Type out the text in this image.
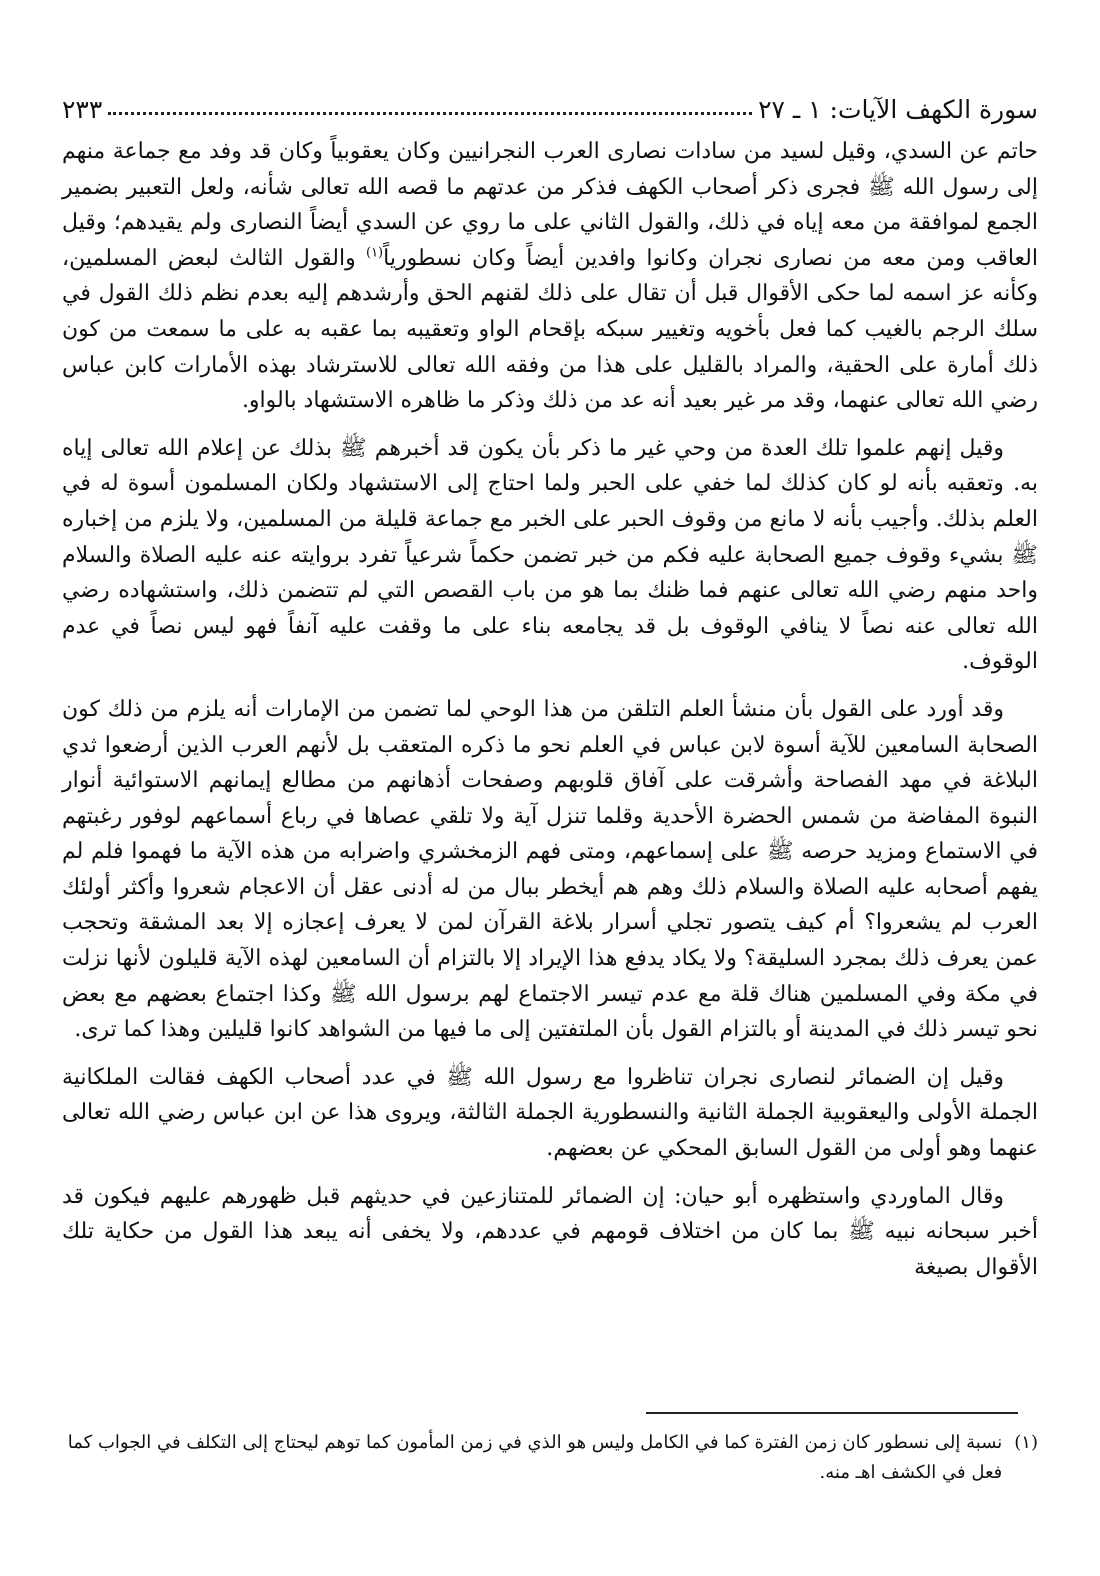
سورة الكهف الآيات: ١ ـ ٢٧
٢٣٣

حاتم عن السدي، وقيل لسيد من سادات نصارى العرب النجرانيين وكان يعقوبياً وكان قد وفد مع جماعة منهم إلى رسول الله ﷺ فجرى ذكر أصحاب الكهف فذكر من عدتهم ما قصه الله تعالى شأنه، ولعل التعبير بضمير الجمع لموافقة من معه إياه في ذلك، والقول الثاني على ما روي عن السدي أيضاً النصارى ولم يقيدهم؛ وقيل العاقب ومن معه من نصارى نجران وكانوا وافدين أيضاً وكان نسطورياً$^{(١)}$ والقول الثالث لبعض المسلمين، وكأنه عز اسمه لما حكى الأقوال قبل أن تقال على ذلك لقنهم الحق وأرشدهم إليه بعدم نظم ذلك القول في سلك الرجم بالغيب كما فعل بأخويه وتغيير سبكه بإقحام الواو وتعقيبه بما عقبه به على ما سمعت من كون ذلك أمارة على الحقية، والمراد بالقليل على هذا من وفقه الله تعالى للاسترشاد بهذه الأمارات كابن عباس رضي الله تعالى عنهما، وقد مر غير بعيد أنه عد من ذلك وذكر ما ظاهره الاستشهاد بالواو.

وقيل إنهم علموا تلك العدة من وحي غير ما ذكر بأن يكون قد أخبرهم ﷺ بذلك عن إعلام الله تعالى إياه به. وتعقبه بأنه لو كان كذلك لما خفي على الحبر ولما احتاج إلى الاستشهاد ولكان المسلمون أسوة له في العلم بذلك. وأجيب بأنه لا مانع من وقوف الحبر على الخبر مع جماعة قليلة من المسلمين، ولا يلزم من إخباره ﷺ بشيء وقوف جميع الصحابة عليه فكم من خبر تضمن حكماً شرعياً تفرد بروايته عنه عليه الصلاة والسلام واحد منهم رضي الله تعالى عنهم فما ظنك بما هو من باب القصص التي لم تتضمن ذلك، واستشهاده رضي الله تعالى عنه نصاً لا ينافي الوقوف بل قد يجامعه بناء على ما وقفت عليه آنفاً فهو ليس نصاً في عدم الوقوف.

وقد أورد على القول بأن منشأ العلم التلقن من هذا الوحي لما تضمن من الإمارات أنه يلزم من ذلك كون الصحابة السامعين للآية أسوة لابن عباس في العلم نحو ما ذكره المتعقب بل لأنهم العرب الذين أرضعوا ثدي البلاغة في مهد الفصاحة وأشرقت على آفاق قلوبهم وصفحات أذهانهم من مطالع إيمانهم الاستوائية أنوار النبوة المفاضة من شمس الحضرة الأحدية وقلما تنزل آية ولا تلقي عصاها في رباع أسماعهم لوفور رغبتهم في الاستماع ومزيد حرصه ﷺ على إسماعهم، ومتى فهم الزمخشري واضرابه من هذه الآية ما فهموا فلم لم يفهم أصحابه عليه الصلاة والسلام ذلك وهم هم أيخطر ببال من له أدنى عقل أن الاعجام شعروا وأكثر أولئك العرب لم يشعروا؟ أم كيف يتصور تجلي أسرار بلاغة القرآن لمن لا يعرف إعجازه إلا بعد المشقة وتحجب عمن يعرف ذلك بمجرد السليقة؟ ولا يكاد يدفع هذا الإيراد إلا بالتزام أن السامعين لهذه الآية قليلون لأنها نزلت في مكة وفي المسلمين هناك قلة مع عدم تيسر الاجتماع لهم برسول الله ﷺ وكذا اجتماع بعضهم مع بعض نحو تيسر ذلك في المدينة أو بالتزام القول بأن الملتفتين إلى ما فيها من الشواهد كانوا قليلين وهذا كما ترى.

وقيل إن الضمائر لنصارى نجران تناظروا مع رسول الله ﷺ في عدد أصحاب الكهف فقالت الملكانية الجملة الأولى واليعقوبية الجملة الثانية والنسطورية الجملة الثالثة، ويروى هذا عن ابن عباس رضي الله تعالى عنهما وهو أولى من القول السابق المحكي عن بعضهم.

وقال الماوردي واستظهره أبو حيان: إن الضمائر للمتنازعين في حديثهم قبل ظهورهم عليهم فيكون قد أخبر سبحانه نبيه ﷺ بما كان من اختلاف قومهم في عددهم، ولا يخفى أنه يبعد هذا القول من حكاية تلك الأقوال بصيغة

(١)
نسبة إلى نسطور كان زمن الفترة كما في الكامل وليس هو الذي في زمن المأمون كما توهم ليحتاج إلى التكلف في الجواب كما فعل في الكشف اهـ منه.
